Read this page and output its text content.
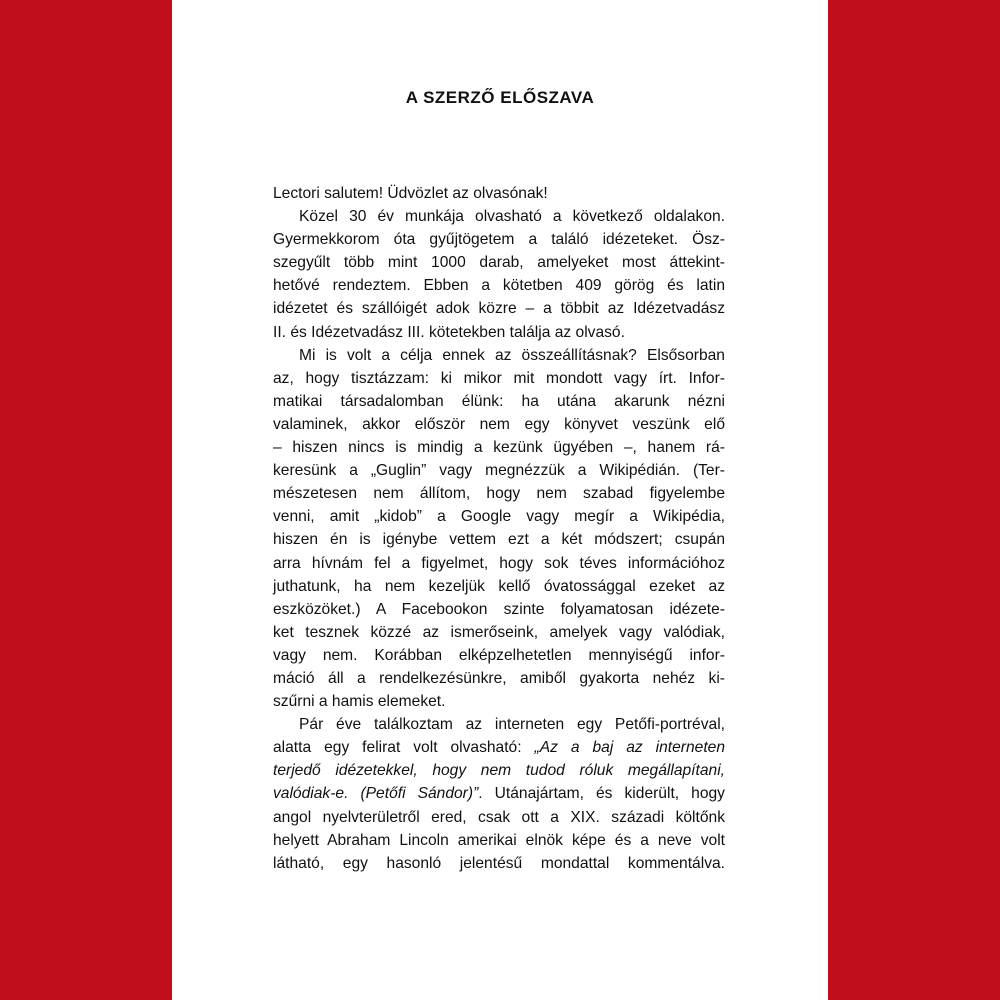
A SZERZŐ ELŐSZAVA
Lectori salutem! Üdvözlet az olvasónak!
Közel 30 év munkája olvasható a következő oldalakon.
Gyermekkorom óta gyűjtögetem a találó idézeteket. Ösz-
szegyűlt több mint 1000 darab, amelyeket most áttekint-
hetővé rendeztem. Ebben a kötetben 409 görög és latin
idézetet és szállóigét adok közre – a többit az Idézetvadász
II. és Idézetvadász III. kötetekben találja az olvasó.
Mi is volt a célja ennek az összeállításnak? Elsősorban
az, hogy tisztázzam: ki mikor mit mondott vagy írt. Infor-
matikai társadalomban élünk: ha utána akarunk nézni
valaminek, akkor először nem egy könyvet veszünk elő
– hiszen nincs is mindig a kezünk ügyében –, hanem rá-
keresünk a „Guglin” vagy megnézzük a Wikipédián. (Ter-
mészetesen nem állítom, hogy nem szabad figyelembe
venni, amit „kidob” a Google vagy megír a Wikipédia,
hiszen én is igénybe vettem ezt a két módszert; csupán
arra hívnám fel a figyelmet, hogy sok téves információhoz
juthatunk, ha nem kezeljük kellő óvatossággal ezeket az
eszközöket.) A Facebookon szinte folyamatosan idézete-
ket tesznek közzé az ismerőseink, amelyek vagy valódiak,
vagy nem. Korábban elképzelhetetlen mennyiségű infor-
máció áll a rendelkezésünkre, amiből gyakorta nehéz ki-
szűrni a hamis elemeket.
Pár éve találkoztam az interneten egy Petőfi-portréval,
alatta egy felirat volt olvasható: „Az a baj az interneten
terjedő idézetekkel, hogy nem tudod róluk megállapítani,
valódiak-e. (Petőfi Sándor)”. Utánajártam, és kiderült, hogy
angol nyelvterületről ered, csak ott a XIX. századi költőnk
helyett Abraham Lincoln amerikai elnök képe és a neve volt
látható, egy hasonló jelentésű mondattal kommentálva.
